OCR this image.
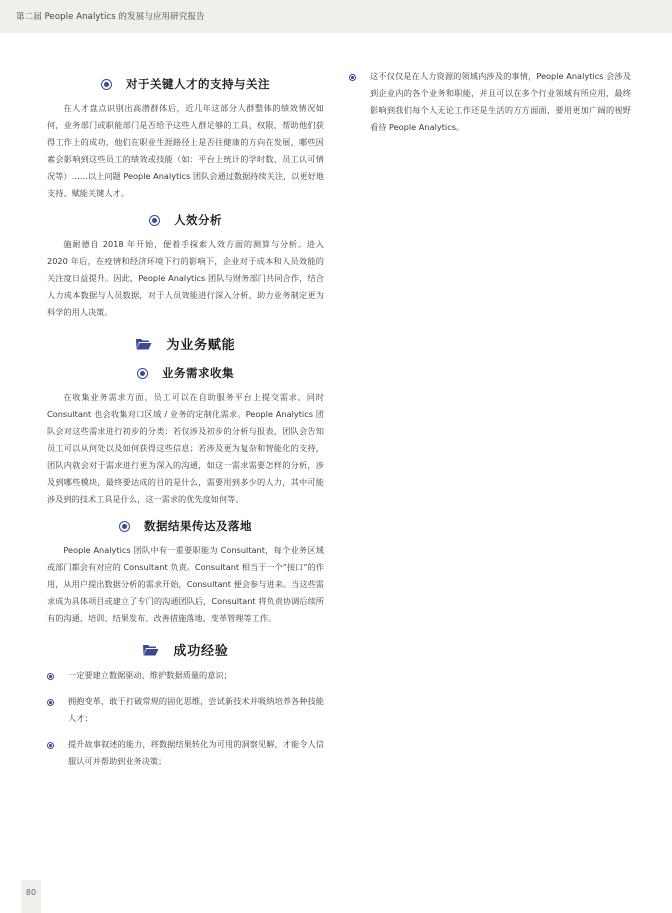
第二届 People Analytics 的发展与应用研究报告
对于关键人才的支持与关注

在人才盘点识别出高潜群体后，近几年这部分人群整体的绩效情况如何，业务部门或职能部门是否给予这些人群足够的工具、权限，帮助他们获得工作上的成功，他们在职业生涯路径上是否往健康的方向在发展，哪些因素会影响到这些员工的绩效或技能（如：平台上统计的学时数、员工认可情况等）……以上问题 People Analytics 团队会通过数据持续关注，以更好地支持、赋能关键人才。

人效分析

施耐德自 2018 年开始，便着手探索人效方面的测算与分析。进入 2020 年后，在疫情和经济环境下行的影响下，企业对于成本和人员效能的关注度日益提升。因此，People Analytics 团队与财务部门共同合作，结合人力成本数据与人员数据，对于人员效能进行深入分析，助力业务制定更为科学的用人决策。

为业务赋能
业务需求收集

在收集业务需求方面，员工可以在自助服务平台上提交需求，同时 Consultant 也会收集对口区域 / 业务的定制化需求。People Analytics 团队会对这些需求进行初步的分类：若仅涉及初步的分析与报表，团队会告知员工可以从何处以及如何获得这些信息；若涉及更为复杂和智能化的支持，团队内就会对于需求进行更为深入的沟通，如这一需求需要怎样的分析，涉及到哪些模块，最终要达成的目的是什么，需要用到多少的人力，其中可能涉及到的技术工具是什么，这一需求的优先度如何等。

数据结果传达及落地

People Analytics 团队中有一重要职能为 Consultant，每个业务区域或部门都会有对应的 Consultant 负责。Consultant 相当于一个“接口”的作用，从用户提出数据分析的需求开始，Consultant 便会参与进来。当这些需求成为具体项目或建立了专门的沟通团队后，Consultant 将负责协调后续所有的沟通、培训、结果发布、改善措施落地、变革管理等工作。

成功经验
一定要建立数据驱动、维护数据质量的意识；
拥抱变革，敢于打破常规的固化思维，尝试新技术并吸纳培养各种技能人才；
提升故事叙述的能力，将数据结果转化为可用的洞察见解，才能令人信服认可并帮助到业务决策；
这不仅仅是在人力资源的领域内涉及的事情，People Analytics 会涉及到企业内的各个业务和职能，并且可以在多个行业领域有所应用，最终影响到我们每个人无论工作还是生活的方方面面，要用更加广阔的视野看待 People Analytics。
80
